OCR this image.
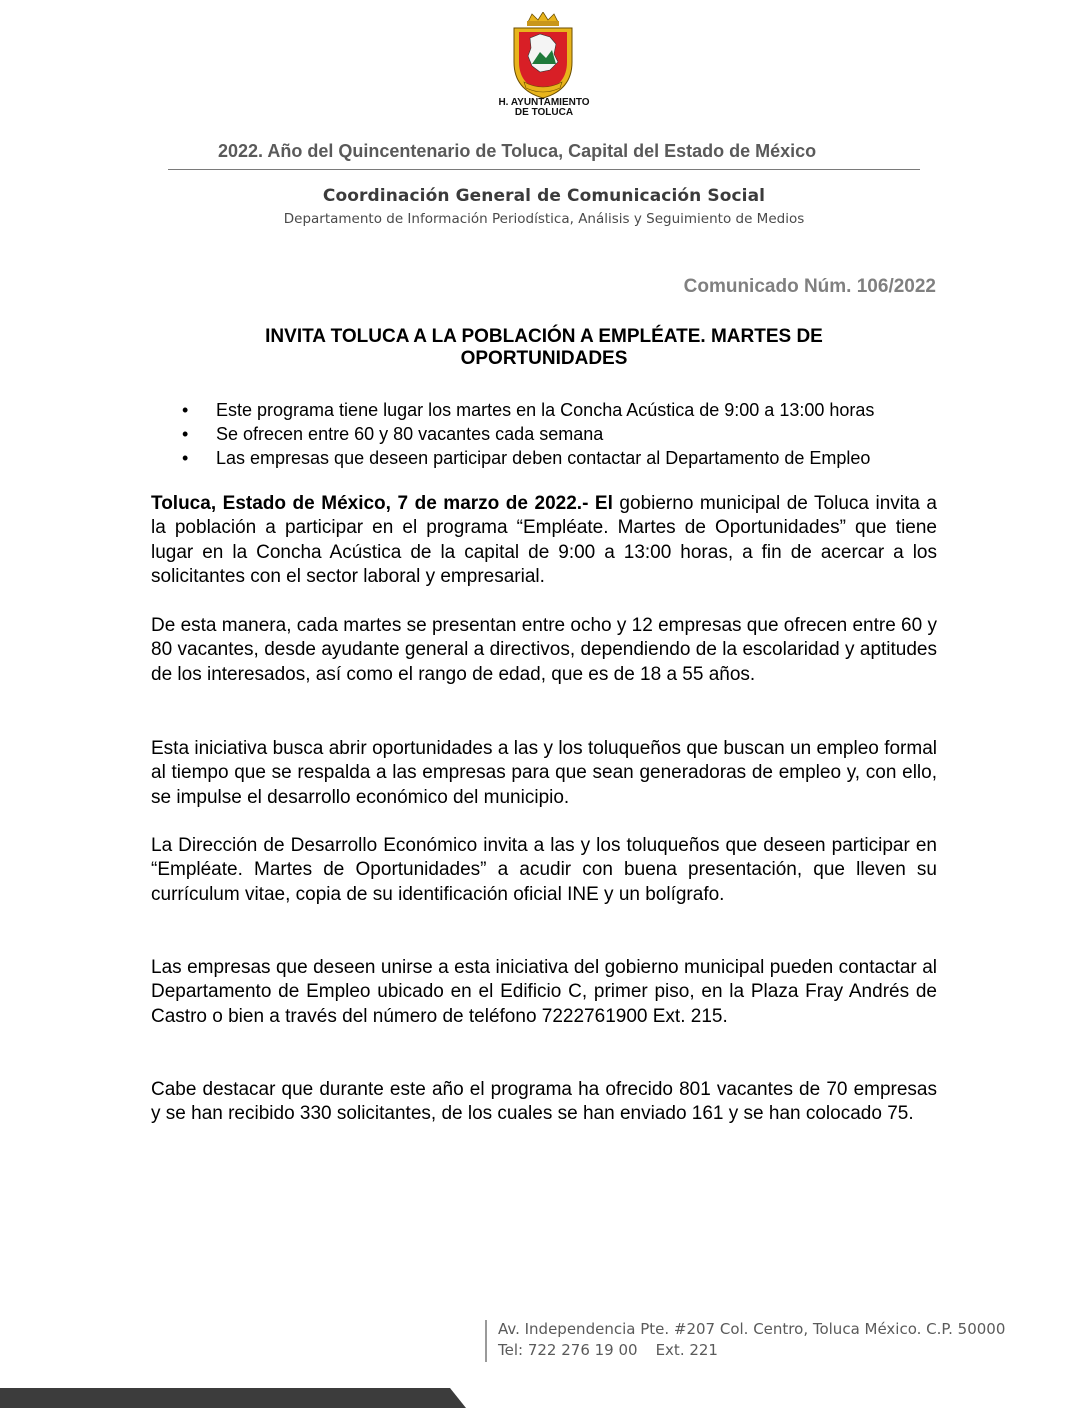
H. AYUNTAMIENTO
DE TOLUCA
2022. Año del Quincentenario de Toluca, Capital del Estado de México
Coordinación General de Comunicación Social
Departamento de Información Periodística, Análisis y Seguimiento de Medios
Comunicado Núm. 106/2022
INVITA TOLUCA A LA POBLACIÓN A EMPLÉATE. MARTES DE
OPORTUNIDADES
• Este programa tiene lugar los martes en la Concha Acústica de 9:00 a 13:00 horas
• Se ofrecen entre 60 y 80 vacantes cada semana
• Las empresas que deseen participar deben contactar al Departamento de Empleo

Toluca, Estado de México, 7 de marzo de 2022.- El gobierno municipal de Toluca invita a la población a participar en el programa “Empléate. Martes de Oportunidades” que tiene lugar en la Concha Acústica de la capital de 9:00 a 13:00 horas, a fin de acercar a los solicitantes con el sector laboral y empresarial.

De esta manera, cada martes se presentan entre ocho y 12 empresas que ofrecen entre 60 y 80 vacantes, desde ayudante general a directivos, dependiendo de la escolaridad y aptitudes de los interesados, así como el rango de edad, que es de 18 a 55 años.

Esta iniciativa busca abrir oportunidades a las y los toluqueños que buscan un empleo formal al tiempo que se respalda a las empresas para que sean generadoras de empleo y, con ello, se impulse el desarrollo económico del municipio.

La Dirección de Desarrollo Económico invita a las y los toluqueños que deseen participar en “Empléate. Martes de Oportunidades” a acudir con buena presentación, que lleven su currículum vitae, copia de su identificación oficial INE y un bolígrafo.

Las empresas que deseen unirse a esta iniciativa del gobierno municipal pueden contactar al Departamento de Empleo ubicado en el Edificio C, primer piso, en la Plaza Fray Andrés de Castro o bien a través del número de teléfono 7222761900 Ext. 215.

Cabe destacar que durante este año el programa ha ofrecido 801 vacantes de 70 empresas y se han recibido 330 solicitantes, de los cuales se han enviado 161 y se han colocado 75.

Av. Independencia Pte. #207 Col. Centro, Toluca México. C.P. 50000
Tel: 722 276 19 00 Ext. 221
